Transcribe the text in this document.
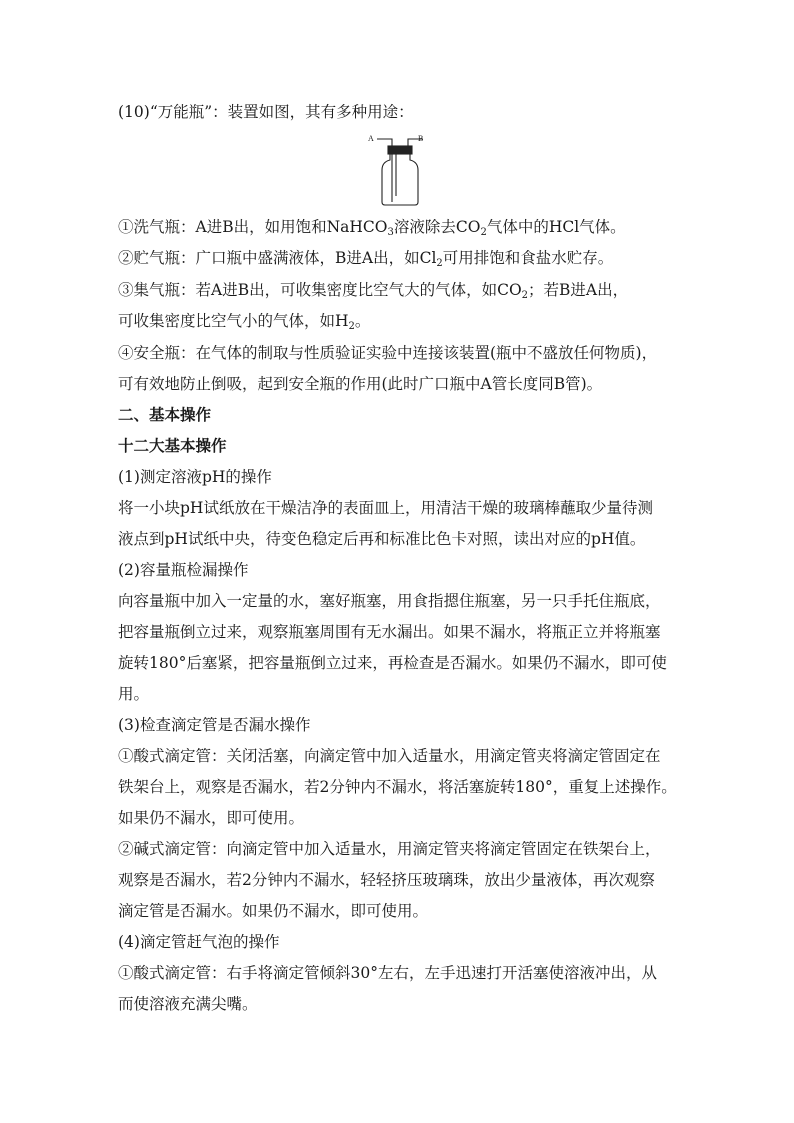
(10)“万能瓶”：装置如图，其有多种用途：
A	B
①洗气瓶：A进B出，如用饱和NaHCO$_3$溶液除去$CO_2$气体中的HCl气体。
②贮气瓶：广口瓶中盛满液体，B进A出，如$Cl_2$可用排饱和食盐水贮存。
③集气瓶：若A进B出，可收集密度比空气大的气体，如$CO_2$；若B进A出，
可收集密度比空气小的气体，如$H_2$。
④安全瓶：在气体的制取与性质验证实验中连接该装置(瓶中不盛放任何物质)，
可有效地防止倒吸，起到安全瓶的作用(此时广口瓶中A管长度同B管)。
二、基本操作
十二大基本操作
(1)测定溶液pH的操作
将一小块pH试纸放在干燥洁净的表面皿上，用清洁干燥的玻璃棒蘸取少量待测
液点到pH试纸中央，待变色稳定后再和标准比色卡对照，读出对应的pH值。
(2)容量瓶检漏操作
向容量瓶中加入一定量的水，塞好瓶塞，用食指摁住瓶塞，另一只手托住瓶底，
把容量瓶倒立过来，观察瓶塞周围有无水漏出。如果不漏水，将瓶正立并将瓶塞
旋转180°后塞紧，把容量瓶倒立过来，再检查是否漏水。如果仍不漏水，即可使
用。
(3)检查滴定管是否漏水操作
①酸式滴定管：关闭活塞，向滴定管中加入适量水，用滴定管夹将滴定管固定在
铁架台上，观察是否漏水，若2分钟内不漏水，将活塞旋转180°，重复上述操作。
如果仍不漏水，即可使用。
②碱式滴定管：向滴定管中加入适量水，用滴定管夹将滴定管固定在铁架台上，
观察是否漏水，若2分钟内不漏水，轻轻挤压玻璃珠，放出少量液体，再次观察
滴定管是否漏水。如果仍不漏水，即可使用。
(4)滴定管赶气泡的操作
①酸式滴定管：右手将滴定管倾斜30°左右，左手迅速打开活塞使溶液冲出，从
而使溶液充满尖嘴。
